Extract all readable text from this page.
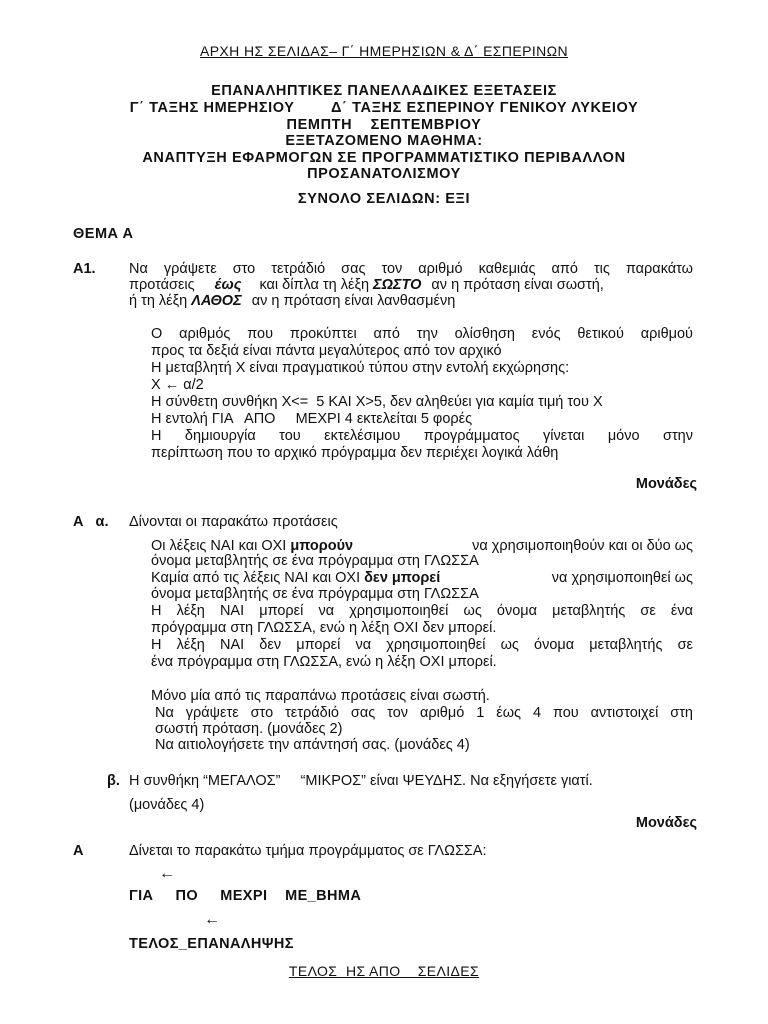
ΑΡΧΗ ΗΣ ΣΕΛΙΔΑΣ– Γ΄ ΗΜΕΡΗΣΙΩΝ & Δ΄ ΕΣΠΕΡΙΝΩΝ
ΕΠΑΝΑΛΗΠΤΙΚΕΣ ΠΑΝΕΛΛΑΔΙΚΕΣ ΕΞΕΤΑΣΕΙΣ
Γ΄ ΤΑΞΗΣ ΗΜΕΡΗΣΙΟΥ        Δ΄ ΤΑΞΗΣ ΕΣΠΕΡΙΝΟΥ ΓΕΝΙΚΟΥ ΛΥΚΕΙΟΥ
ΠΕΜΠΤΗ    ΣΕΠΤΕΜΒΡΙΟΥ
ΕΞΕΤΑΖΟΜΕΝΟ ΜΑΘΗΜΑ:
ΑΝΑΠΤΥΞΗ ΕΦΑΡΜΟΓΩΝ ΣΕ ΠΡΟΓΡΑΜΜΑΤΙΣΤΙΚΟ ΠΕΡΙΒΑΛΛΟΝ
ΠΡΟΣΑΝΑΤΟΛΙΣΜΟΥ
ΣΥΝΟΛΟ ΣΕΛΙΔΩΝ: ΕΞΙ
ΘΕΜΑ Α
Α1. Να γράψετε στο τετράδιό σας τον αριθμό καθεμιάς από τις παρακάτω
προτάσεις έως και δίπλα τη λέξη ΣΩΣΤΟ αν η πρόταση είναι σωστή,
ή τη λέξη ΛΑΘΟΣ αν η πρόταση είναι λανθασμένη
Ο αριθμός που προκύπτει από την ολίσθηση ενός θετικού αριθμού
προς τα δεξιά είναι πάντα μεγαλύτερος από τον αρχικό
Η μεταβλητή Χ είναι πραγματικού τύπου στην εντολή εκχώρησης:
Χ ← α/2
Η σύνθετη συνθήκη Χ<=  5 ΚΑΙ Χ>5, δεν αληθεύει για καμία τιμή του Χ
Η εντολή ΓΙΑ   ΑΠΟ     ΜΕΧΡΙ 4 εκτελείται 5 φορές
Η δημιουργία του εκτελέσιμου προγράμματος γίνεται μόνο στην
περίπτωση που το αρχικό πρόγραμμα δεν περιέχει λογικά λάθη
Μονάδες
Α   α. Δίνονται οι παρακάτω προτάσεις
Οι λέξεις ΝΑΙ και ΟΧΙ μπορούν	να χρησιμοποιηθούν και οι δύο ως
όνομα μεταβλητής σε ένα πρόγραμμα στη ΓΛΩΣΣΑ
Καμία από τις λέξεις ΝΑΙ και ΟΧΙ δεν μπορεί	να χρησιμοποιηθεί ως
όνομα μεταβλητής σε ένα πρόγραμμα στη ΓΛΩΣΣΑ
Η λέξη ΝΑΙ μπορεί να χρησιμοποιηθεί ως όνομα μεταβλητής σε ένα
πρόγραμμα στη ΓΛΩΣΣΑ, ενώ η λέξη ΟΧΙ δεν μπορεί.
Η λέξη ΝΑΙ δεν μπορεί να χρησιμοποιηθεί ως όνομα μεταβλητής σε
ένα πρόγραμμα στη ΓΛΩΣΣΑ, ενώ η λέξη ΟΧΙ μπορεί.
Μόνο μία από τις παραπάνω προτάσεις είναι σωστή.
Να γράψετε στο τετράδιό σας τον αριθμό 1 έως 4 που αντιστοιχεί στη
σωστή πρόταση. (μονάδες 2)
Να αιτιολογήσετε την απάντησή σας. (μονάδες 4)
β. Η συνθήκη “ΜΕΓΑΛΟΣ”     “ΜΙΚΡΟΣ” είναι ΨΕΥΔΗΣ. Να εξηγήσετε γιατί.
(μονάδες 4)
Μονάδες
Α	Δίνεται το παρακάτω τμήμα προγράμματος σε ΓΛΩΣΣΑ:
←
ΓΙΑ     ΠΟ     ΜΕΧΡΙ    ΜΕ_ΒΗΜΑ
←
ΤΕΛΟΣ_ΕΠΑΝΑΛΗΨΗΣ
ΤΕΛΟΣ  ΗΣ ΑΠΟ    ΣΕΛΙΔΕΣ
